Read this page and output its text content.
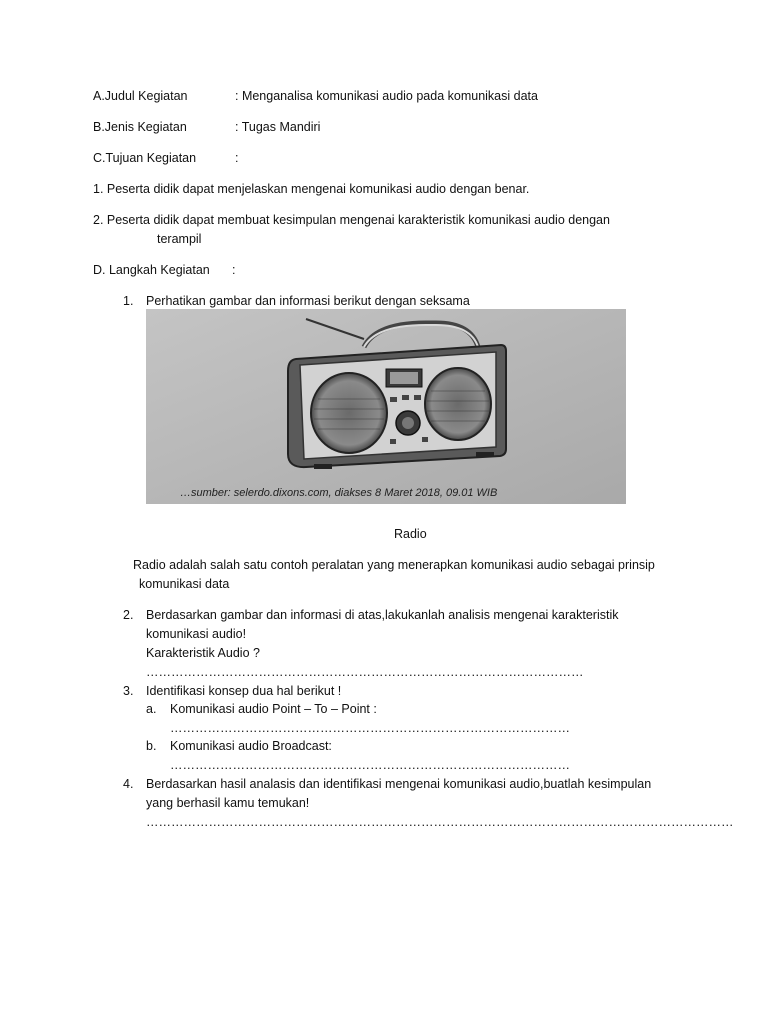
A.Judul Kegiatan	: Menganalisa komunikasi audio pada komunikasi data
B.Jenis Kegiatan	: Tugas Mandiri
C.Tujuan Kegiatan	:
1. Peserta didik dapat menjelaskan mengenai komunikasi audio dengan benar.
2. Peserta didik dapat membuat kesimpulan mengenai karakteristik komunikasi audio dengan
terampil
D. Langkah Kegiatan :
1. Perhatikan gambar dan informasi berikut dengan seksama
…sumber: selerdo.dixons.com, diakses 8 Maret 2018, 09.01 WIB
Radio
Radio adalah salah satu contoh peralatan yang menerapkan komunikasi audio sebagai prinsip
komunikasi data
2. Berdasarkan gambar dan informasi di atas,lakukanlah analisis mengenai karakteristik
komunikasi audio!
Karakteristik Audio ?
……………………………………………………………………………………………
3. Identifikasi konsep dua hal berikut !
a. Komunikasi audio Point – To – Point :
……………………………………………………………………………………
b. Komunikasi audio Broadcast:
……………………………………………………………………………………
4. Berdasarkan hasil analasis dan identifikasi mengenai komunikasi audio,buatlah kesimpulan
yang berhasil kamu temukan!
……………………………………………………………………………………………………………………………
